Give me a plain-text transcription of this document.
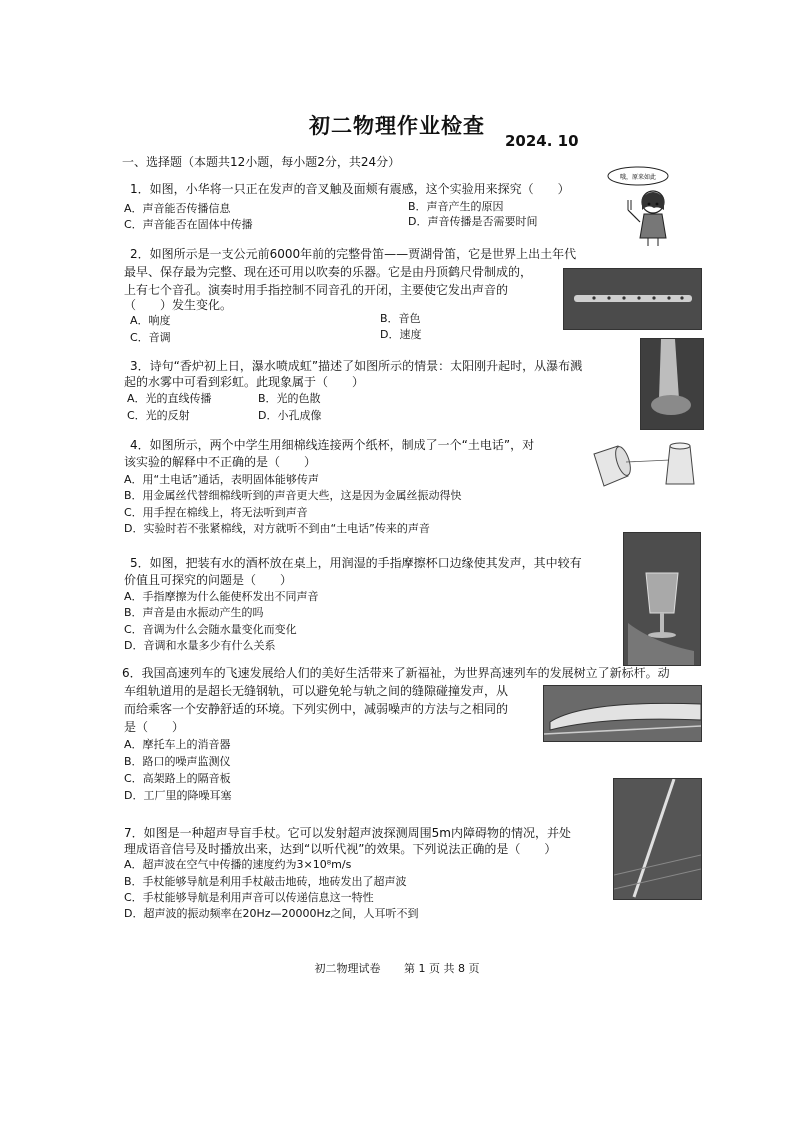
初二物理作业检查
2024. 10
一、选择题（本题共12小题，每小题2分，共24分）
哦，原来如此
1．如图，小华将一只正在发声的音叉触及面颊有震感，这个实验用来探究（　　）
A．声音能否传播信息	B．声音产生的原因
C．声音能否在固体中传播	D．声音传播是否需要时间
2．如图所示是一支公元前6000年前的完整骨笛——贾湖骨笛，它是世界上出土年代
最早、保存最为完整、现在还可用以吹奏的乐器。它是由丹顶鹤尺骨制成的，
上有七个音孔。演奏时用手指控制不同音孔的开闭，主要使它发出声音的
（　　）发生变化。
A．响度	B．音色
C．音调	D．速度
3．诗句“香炉初上日，瀑水喷成虹”描述了如图所示的情景：太阳刚升起时，从瀑布溅
起的水雾中可看到彩虹。此现象属于（　　）
A．光的直线传播	B．光的色散
C．光的反射	D．小孔成像
4．如图所示，两个中学生用细棉线连接两个纸杯，制成了一个“土电话”，对
该实验的解释中不正确的是（　　）
A．用“土电话”通话，表明固体能够传声
B．用金属丝代替细棉线听到的声音更大些，这是因为金属丝振动得快
C．用手捏在棉线上，将无法听到声音
D．实验时若不张紧棉线，对方就听不到由“土电话”传来的声音
5．如图，把装有水的酒杯放在桌上，用润湿的手指摩擦杯口边缘使其发声，其中较有
价值且可探究的问题是（　　）
A．手指摩擦为什么能使杯发出不同声音
B．声音是由水振动产生的吗
C．音调为什么会随水量变化而变化
D．音调和水量多少有什么关系
6．我国高速列车的飞速发展给人们的美好生活带来了新福祉，为世界高速列车的发展树立了新标杆。动
车组轨道用的是超长无缝钢轨，可以避免轮与轨之间的缝隙碰撞发声，从
而给乘客一个安静舒适的环境。下列实例中，减弱噪声的方法与之相同的
是（　　）
A．摩托车上的消音器
B．路口的噪声监测仪
C．高架路上的隔音板
D．工厂里的降噪耳塞
7．如图是一种超声导盲手杖。它可以发射超声波探测周围5m内障碍物的情况，并处
理成语音信号及时播放出来，达到“以听代视”的效果。下列说法正确的是（　　）
A．超声波在空气中传播的速度约为3×10⁸m/s
B．手杖能够导航是利用手杖敲击地砖，地砖发出了超声波
C．手杖能够导航是利用声音可以传递信息这一特性
D．超声波的振动频率在20Hz—20000Hz之间，人耳听不到
初二物理试卷 第 1 页 共 8 页
